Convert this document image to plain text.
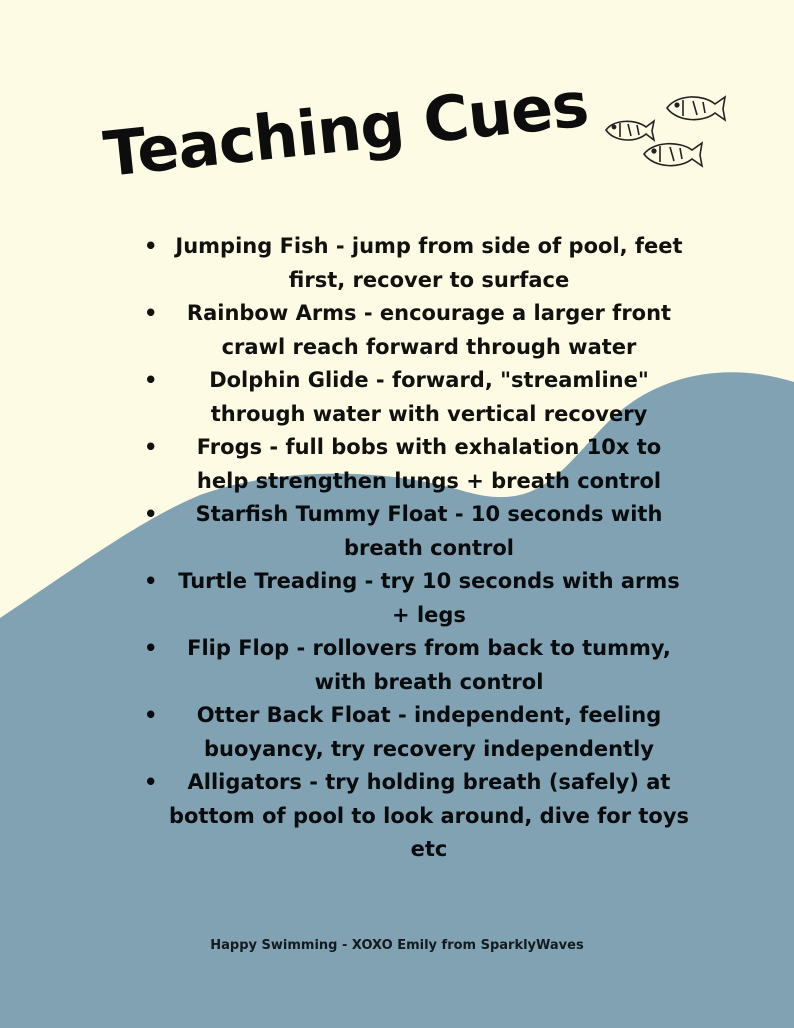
Teaching Cues
• Jumping Fish - jump from side of pool, feet first, recover to surface
• Rainbow Arms - encourage a larger front crawl reach forward through water
• Dolphin Glide - forward, "streamline" through water with vertical recovery
• Frogs - full bobs with exhalation 10x to help strengthen lungs + breath control
• Starfish Tummy Float - 10 seconds with breath control
• Turtle Treading - try 10 seconds with arms + legs
• Flip Flop - rollovers from back to tummy, with breath control
• Otter Back Float - independent, feeling buoyancy, try recovery independently
• Alligators - try holding breath (safely) at bottom of pool to look around, dive for toys etc

Happy Swimming - XOXO Emily from SparklyWaves
